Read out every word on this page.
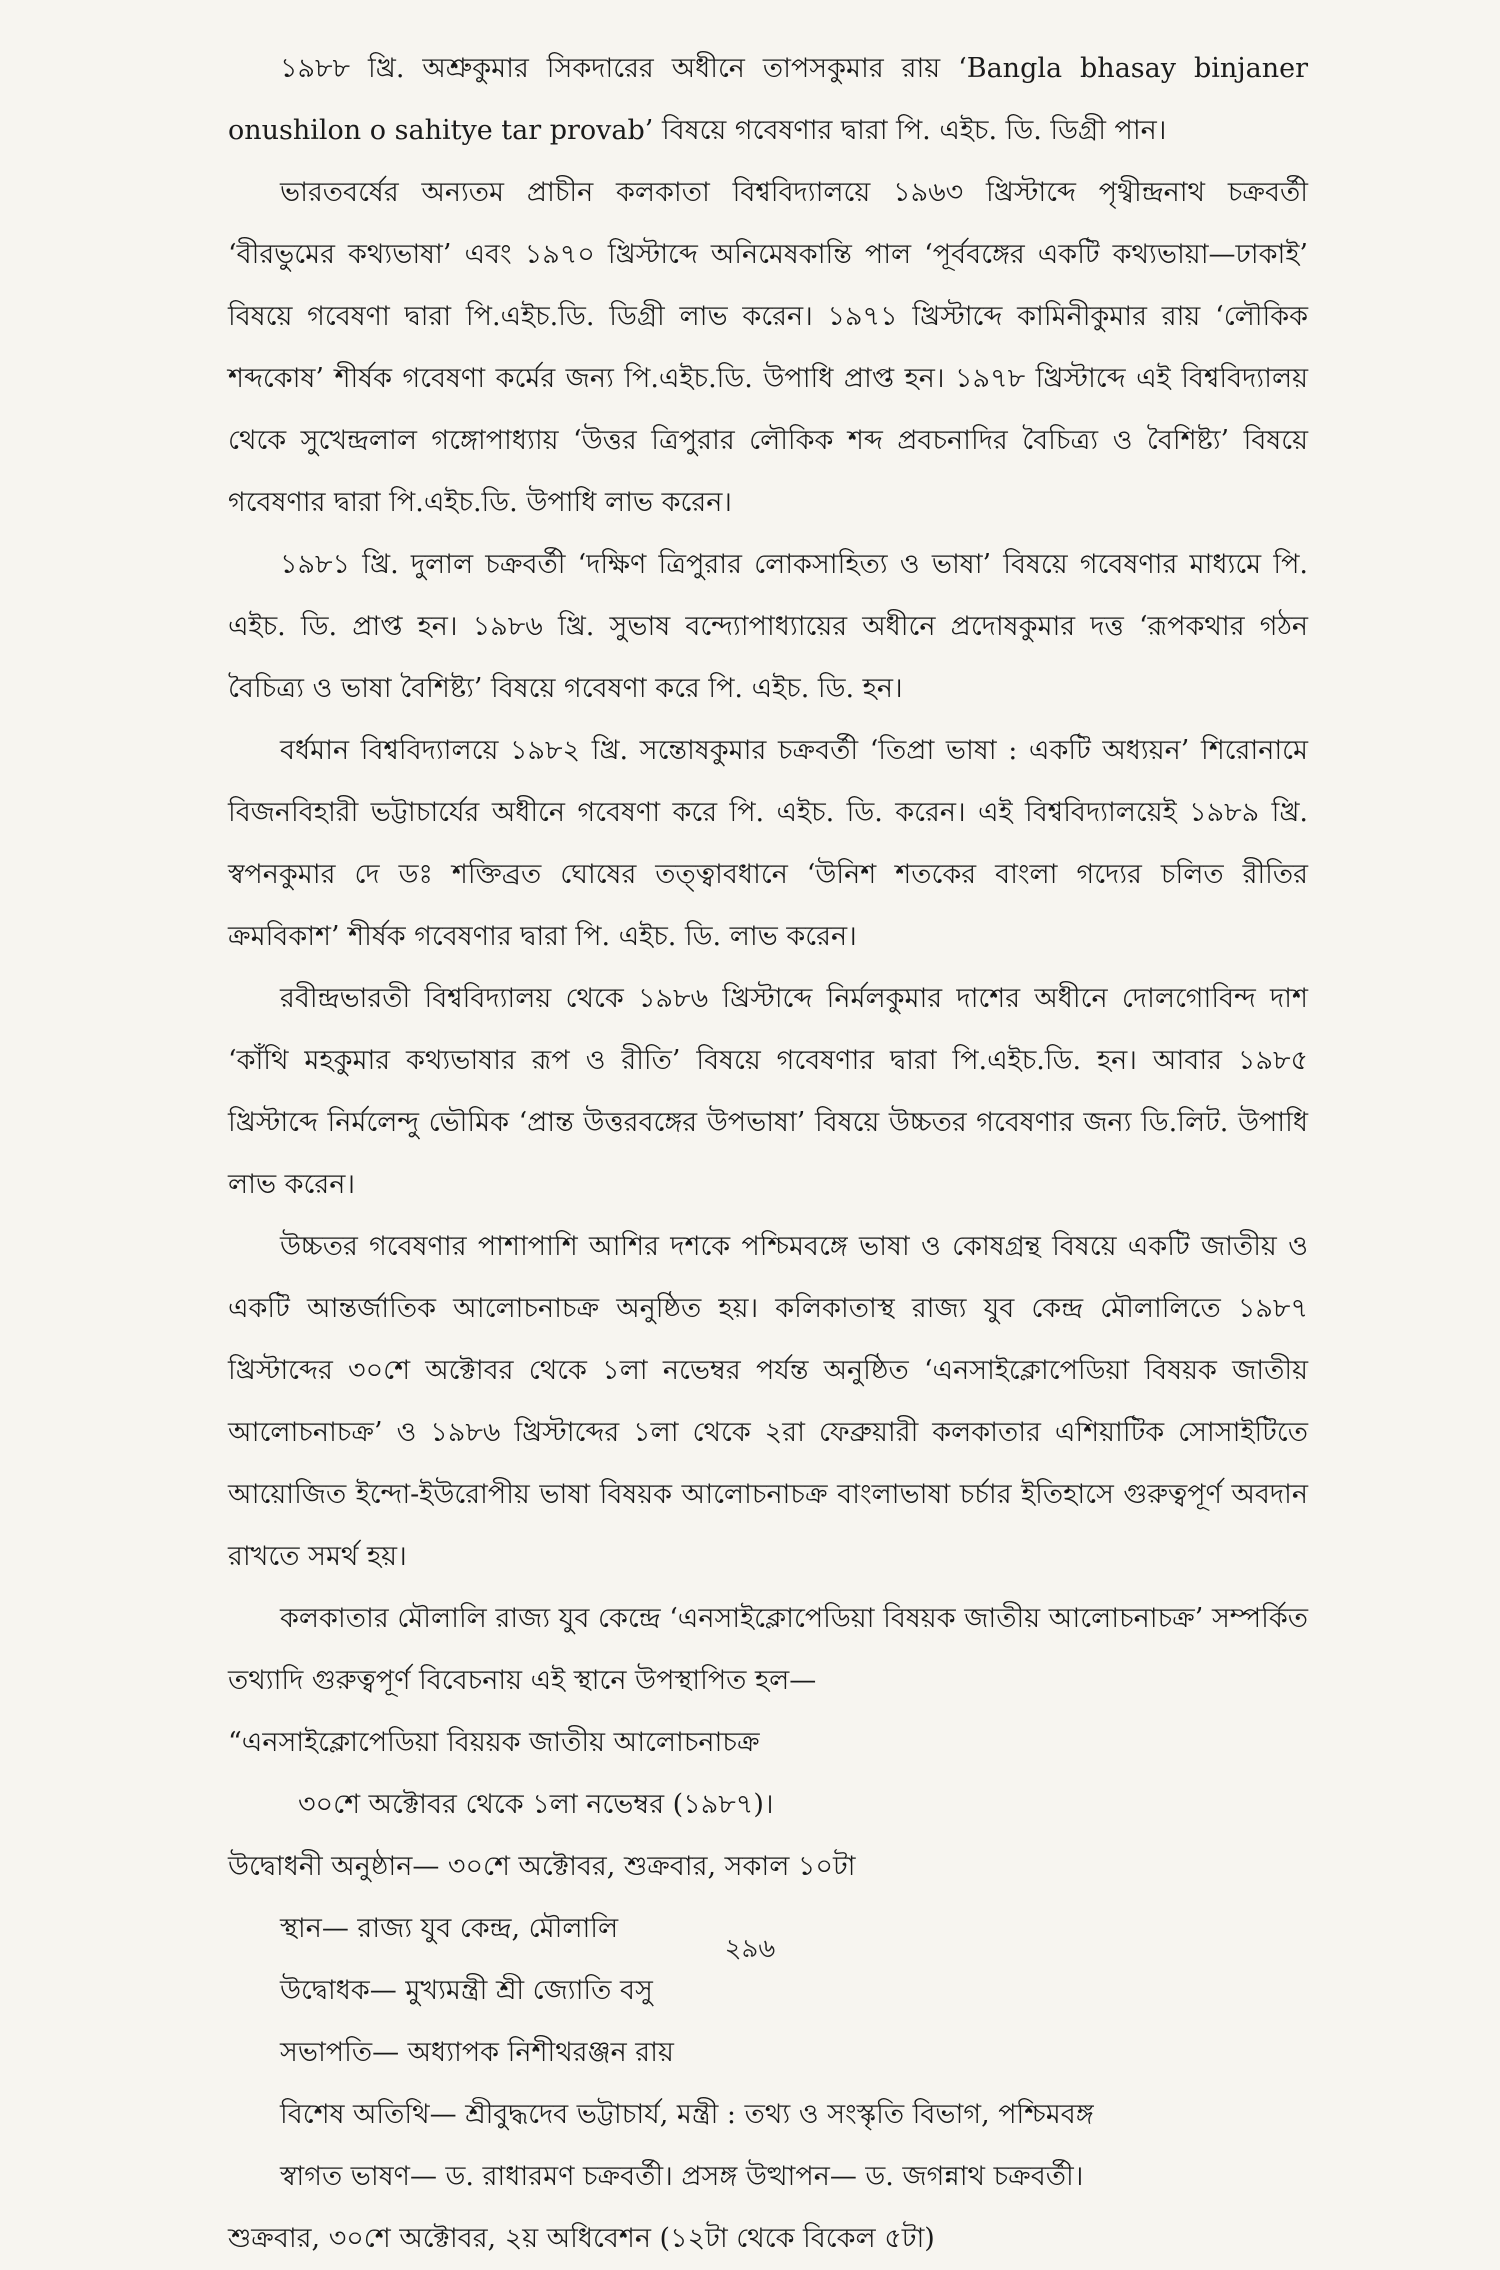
১৯৮৮ খ্রি. অশ্রুকুমার সিকদারের অধীনে তাপসকুমার রায় ‘Bangla bhasay binjaner onushilon o sahitye tar provab’ বিষয়ে গবেষণার দ্বারা পি. এইচ. ডি. ডিগ্রী পান।

ভারতবর্ষের অন্যতম প্রাচীন কলকাতা বিশ্ববিদ্যালয়ে ১৯৬৩ খ্রিস্টাব্দে পৃথ্বীন্দ্রনাথ চক্রবর্তী ‘বীরভুমের কথ্যভাষা’ এবং ১৯৭০ খ্রিস্টাব্দে অনিমেষকান্তি পাল ‘পূর্ববঙ্গের একটি কথ্যভায়া—ঢাকাই’ বিষয়ে গবেষণা দ্বারা পি.এইচ.ডি. ডিগ্রী লাভ করেন। ১৯৭১ খ্রিস্টাব্দে কামিনীকুমার রায় ‘লৌকিক শব্দকোষ’ শীর্ষক গবেষণা কর্মের জন্য পি.এইচ.ডি. উপাধি প্রাপ্ত হন। ১৯৭৮ খ্রিস্টাব্দে এই বিশ্ববিদ্যালয় থেকে সুখেন্দ্রলাল গঙ্গোপাধ্যায় ‘উত্তর ত্রিপুরার লৌকিক শব্দ প্রবচনাদির বৈচিত্র্য ও বৈশিষ্ট্য’ বিষয়ে গবেষণার দ্বারা পি.এইচ.ডি. উপাধি লাভ করেন।

১৯৮১ খ্রি. দুলাল চক্রবর্তী ‘দক্ষিণ ত্রিপুরার লোকসাহিত্য ও ভাষা’ বিষয়ে গবেষণার মাধ্যমে পি. এইচ. ডি. প্রাপ্ত হন। ১৯৮৬ খ্রি. সুভাষ বন্দ্যোপাধ্যায়ের অধীনে প্রদোষকুমার দত্ত ‘রূপকথার গঠন বৈচিত্র্য ও ভাষা বৈশিষ্ট্য’ বিষয়ে গবেষণা করে পি. এইচ. ডি. হন।

বর্ধমান বিশ্ববিদ্যালয়ে ১৯৮২ খ্রি. সন্তোষকুমার চক্রবর্তী ‘তিপ্রা ভাষা : একটি অধ্যয়ন’ শিরোনামে বিজনবিহারী ভট্টাচার্যের অধীনে গবেষণা করে পি. এইচ. ডি. করেন। এই বিশ্ববিদ্যালয়েই ১৯৮৯ খ্রি. স্বপনকুমার দে ডঃ শক্তিব্রত ঘোষের তত্ত্বাবধানে ‘উনিশ শতকের বাংলা গদ্যের চলিত রীতির ক্রমবিকাশ’ শীর্ষক গবেষণার দ্বারা পি. এইচ. ডি. লাভ করেন।

রবীন্দ্রভারতী বিশ্ববিদ্যালয় থেকে ১৯৮৬ খ্রিস্টাব্দে নির্মলকুমার দাশের অধীনে দোলগোবিন্দ দাশ ‘কাঁথি মহকুমার কথ্যভাষার রূপ ও রীতি’ বিষয়ে গবেষণার দ্বারা পি.এইচ.ডি. হন। আবার ১৯৮৫ খ্রিস্টাব্দে নির্মলেন্দু ভৌমিক ‘প্রান্ত উত্তরবঙ্গের উপভাষা’ বিষয়ে উচ্চতর গবেষণার জন্য ডি.লিট. উপাধি লাভ করেন।

উচ্চতর গবেষণার পাশাপাশি আশির দশকে পশ্চিমবঙ্গে ভাষা ও কোষগ্রন্থ বিষয়ে একটি জাতীয় ও একটি আন্তর্জাতিক আলোচনাচক্র অনুষ্ঠিত হয়। কলিকাতাস্থ রাজ্য যুব কেন্দ্র মৌলালিতে ১৯৮৭ খ্রিস্টাব্দের ৩০শে অক্টোবর থেকে ১লা নভেম্বর পর্যন্ত অনুষ্ঠিত ‘এনসাইক্লোপেডিয়া বিষয়ক জাতীয় আলোচনাচক্র’ ও ১৯৮৬ খ্রিস্টাব্দের ১লা থেকে ২রা ফেব্রুয়ারী কলকাতার এশিয়াটিক সোসাইটিতে আয়োজিত ইন্দো-ইউরোপীয় ভাষা বিষয়ক আলোচনাচক্র বাংলাভাষা চর্চার ইতিহাসে গুরুত্বপূর্ণ অবদান রাখতে সমর্থ হয়।

কলকাতার মৌলালি রাজ্য যুব কেন্দ্রে ‘এনসাইক্লোপেডিয়া বিষয়ক জাতীয় আলোচনাচক্র’ সম্পর্কিত তথ্যাদি গুরুত্বপূর্ণ বিবেচনায় এই স্থানে উপস্থাপিত হল—

“এনসাইক্লোপেডিয়া বিয়য়ক জাতীয় আলোচনাচক্র

৩০শে অক্টোবর থেকে ১লা নভেম্বর (১৯৮৭)।

উদ্বোধনী অনুষ্ঠান— ৩০শে অক্টোবর, শুক্রবার, সকাল ১০টা

স্থান— রাজ্য যুব কেন্দ্র, মৌলালি

উদ্বোধক— মুখ্যমন্ত্রী শ্রী জ্যোতি বসু

সভাপতি— অধ্যাপক নিশীথরঞ্জন রায়

বিশেষ অতিথি— শ্রীবুদ্ধদেব ভট্টাচার্য, মন্ত্রী : তথ্য ও সংস্কৃতি বিভাগ, পশ্চিমবঙ্গ

স্বাগত ভাষণ— ড. রাধারমণ চক্রবর্তী। প্রসঙ্গ উত্থাপন— ড. জগন্নাথ চক্রবর্তী।

শুক্রবার, ৩০শে অক্টোবর, ২য় অধিবেশন (১২টা থেকে বিকেল ৫টা)

২৯৬
